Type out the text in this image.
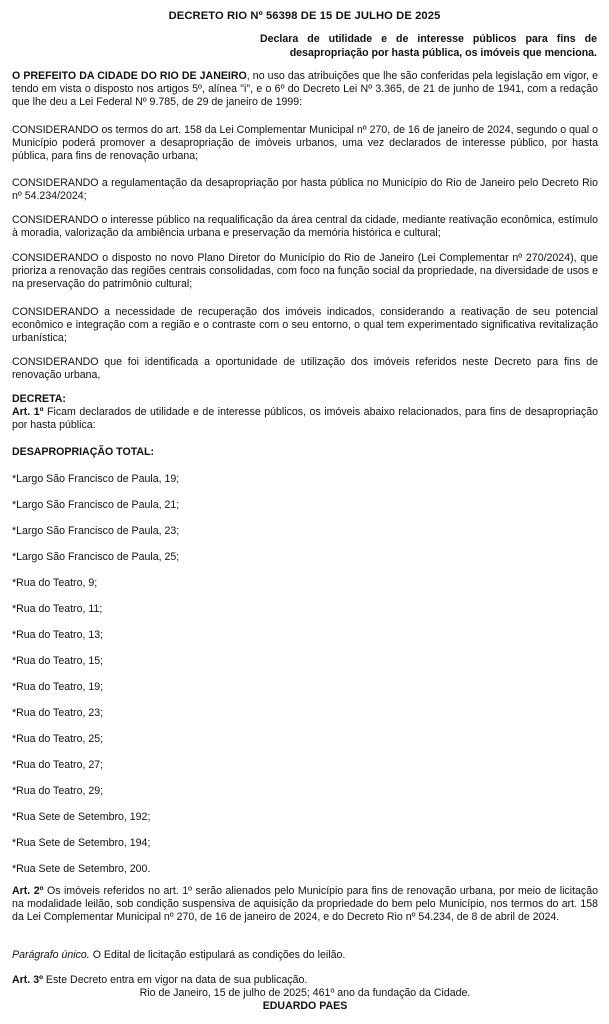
DECRETO RIO Nº 56398 DE 15 DE JULHO DE 2025
Declara de utilidade e de interesse públicos para fins de desapropriação por hasta pública, os imóveis que menciona.

O PREFEITO DA CIDADE DO RIO DE JANEIRO, no uso das atribuições que lhe são conferidas pela legislação em vigor, e tendo em vista o disposto nos artigos 5º, alínea "i", e o 6º do Decreto Lei Nº 3.365, de 21 de junho de 1941, com a redação que lhe deu a Lei Federal Nº 9.785, de 29 de janeiro de 1999:

CONSIDERANDO os termos do art. 158 da Lei Complementar Municipal nº 270, de 16 de janeiro de 2024, segundo o qual o Município poderá promover a desapropriação de imóveis urbanos, uma vez declarados de interesse público, por hasta pública, para fins de renovação urbana;

CONSIDERANDO a regulamentação da desapropriação por hasta pública no Município do Rio de Janeiro pelo Decreto Rio nº 54.234/2024;

CONSIDERANDO o interesse público na requalificação da área central da cidade, mediante reativação econômica, estímulo à moradia, valorização da ambiência urbana e preservação da memória histórica e cultural;

CONSIDERANDO o disposto no novo Plano Diretor do Município do Rio de Janeiro (Lei Complementar nº 270/2024), que prioriza a renovação das regiões centrais consolidadas, com foco na função social da propriedade, na diversidade de usos e na preservação do patrimônio cultural;

CONSIDERANDO a necessidade de recuperação dos imóveis indicados, considerando a reativação de seu potencial econômico e integração com a região e o contraste com o seu entorno, o qual tem experimentado significativa revitalização urbanística;

CONSIDERANDO que foi identificada a oportunidade de utilização dos imóveis referidos neste Decreto para fins de renovação urbana,

DECRETA:

Art. 1º Ficam declarados de utilidade e de interesse públicos, os imóveis abaixo relacionados, para fins de desapropriação por hasta pública:

DESAPROPRIAÇÃO TOTAL:
*Largo São Francisco de Paula, 19;
*Largo São Francisco de Paula, 21;
*Largo São Francisco de Paula, 23;
*Largo São Francisco de Paula, 25;
*Rua do Teatro, 9;
*Rua do Teatro, 11;
*Rua do Teatro, 13;
*Rua do Teatro, 15;
*Rua do Teatro, 19;
*Rua do Teatro, 23;
*Rua do Teatro, 25;
*Rua do Teatro, 27;
*Rua do Teatro, 29;
*Rua Sete de Setembro, 192;
*Rua Sete de Setembro, 194;
*Rua Sete de Setembro, 200.

Art. 2º Os imóveis referidos no art. 1º serão alienados pelo Município para fins de renovação urbana, por meio de licitação na modalidade leilão, sob condição suspensiva de aquisição da propriedade do bem pelo Município, nos termos do art. 158 da Lei Complementar Municipal nº 270, de 16 de janeiro de 2024, e do Decreto Rio nº 54.234, de 8 de abril de 2024.

Parágrafo único. O Edital de licitação estipulará as condições do leilão.

Art. 3º Este Decreto entra em vigor na data de sua publicação.

Rio de Janeiro, 15 de julho de 2025; 461º ano da fundação da Cidade.
EDUARDO PAES
